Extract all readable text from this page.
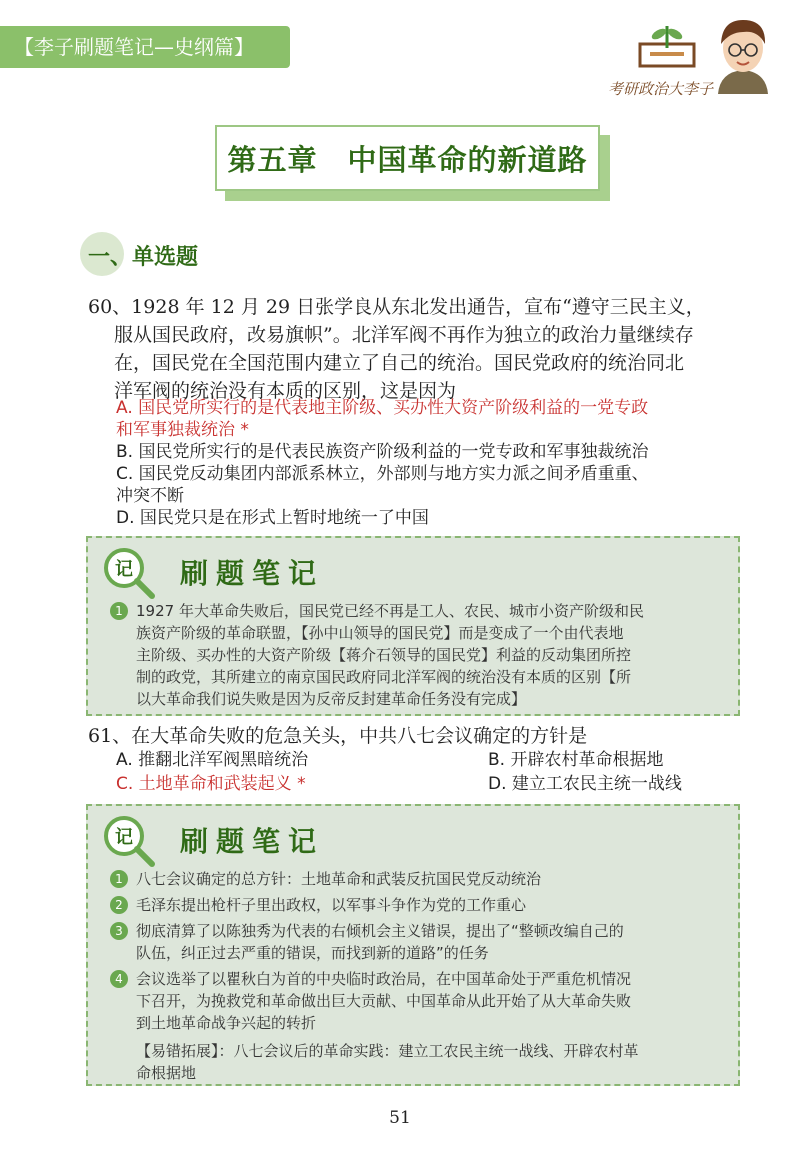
【李子刷题笔记—史纲篇】
考研政治大李子
第五章　中国革命的新道路
一、单选题
60、1928 年 12 月 29 日张学良从东北发出通告，宣布“遵守三民主义，
服从国民政府，改易旗帜”。北洋军阀不再作为独立的政治力量继续存
在，国民党在全国范围内建立了自己的统治。国民党政府的统治同北
洋军阀的统治没有本质的区别，这是因为
A. 国民党所实行的是代表地主阶级、买办性大资产阶级利益的一党专政
和军事独裁统治 *
B. 国民党所实行的是代表民族资产阶级利益的一党专政和军事独裁统治
C. 国民党反动集团内部派系林立，外部则与地方实力派之间矛盾重重、
冲突不断
D. 国民党只是在形式上暂时地统一了中国
记 刷题笔记
1 1927 年大革命失败后，国民党已经不再是工人、农民、城市小资产阶级和民
族资产阶级的革命联盟，【孙中山领导的国民党】而是变成了一个由代表地
主阶级、买办性的大资产阶级【蒋介石领导的国民党】利益的反动集团所控
制的政党，其所建立的南京国民政府同北洋军阀的统治没有本质的区别【所
以大革命我们说失败是因为反帝反封建革命任务没有完成】
61、在大革命失败的危急关头，中共八七会议确定的方针是
A. 推翻北洋军阀黑暗统治	B. 开辟农村革命根据地
C. 土地革命和武装起义 *	D. 建立工农民主统一战线
记 刷题笔记
1 八七会议确定的总方针：土地革命和武装反抗国民党反动统治
2 毛泽东提出枪杆子里出政权，以军事斗争作为党的工作重心
3 彻底清算了以陈独秀为代表的右倾机会主义错误，提出了“整顿改编自己的
队伍，纠正过去严重的错误，而找到新的道路”的任务
4 会议选举了以瞿秋白为首的中央临时政治局，在中国革命处于严重危机情况
下召开，为挽救党和革命做出巨大贡献、中国革命从此开始了从大革命失败
到土地革命战争兴起的转折
【易错拓展】：八七会议后的革命实践：建立工农民主统一战线、开辟农村革
命根据地
51
